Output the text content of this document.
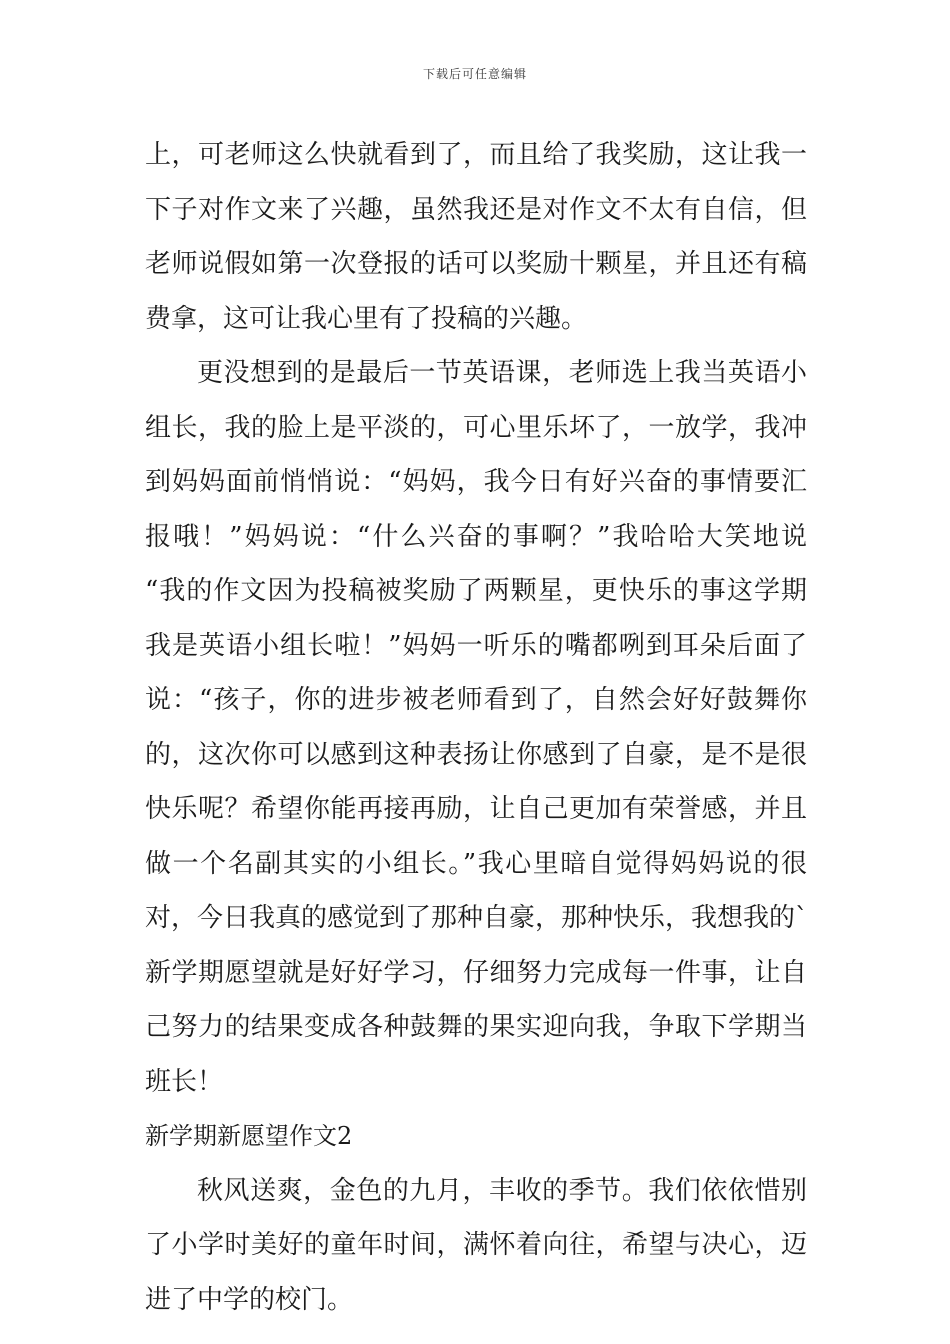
下载后可任意编辑
上，可老师这么快就看到了，而且给了我奖励，这让我一
下子对作文来了兴趣，虽然我还是对作文不太有自信，但
老师说假如第一次登报的话可以奖励十颗星，并且还有稿
费拿，这可让我心里有了投稿的兴趣。
更没想到的是最后一节英语课，老师选上我当英语小
组长，我的脸上是平淡的，可心里乐坏了，一放学，我冲
到妈妈面前悄悄说：“妈妈，我今日有好兴奋的事情要汇
报哦！”妈妈说：“什么兴奋的事啊？”我哈哈大笑地说
“我的作文因为投稿被奖励了两颗星，更快乐的事这学期
我是英语小组长啦！”妈妈一听乐的嘴都咧到耳朵后面了
说：“孩子，你的进步被老师看到了，自然会好好鼓舞你
的，这次你可以感到这种表扬让你感到了自豪，是不是很
快乐呢？希望你能再接再励，让自己更加有荣誉感，并且
做一个名副其实的小组长。”我心里暗自觉得妈妈说的很
对，今日我真的感觉到了那种自豪，那种快乐，我想我的`
新学期愿望就是好好学习，仔细努力完成每一件事，让自
己努力的结果变成各种鼓舞的果实迎向我，争取下学期当
班长！
新学期新愿望作文2
秋风送爽，金色的九月，丰收的季节。我们依依惜别
了小学时美好的童年时间，满怀着向往，希望与决心，迈
进了中学的校门。
